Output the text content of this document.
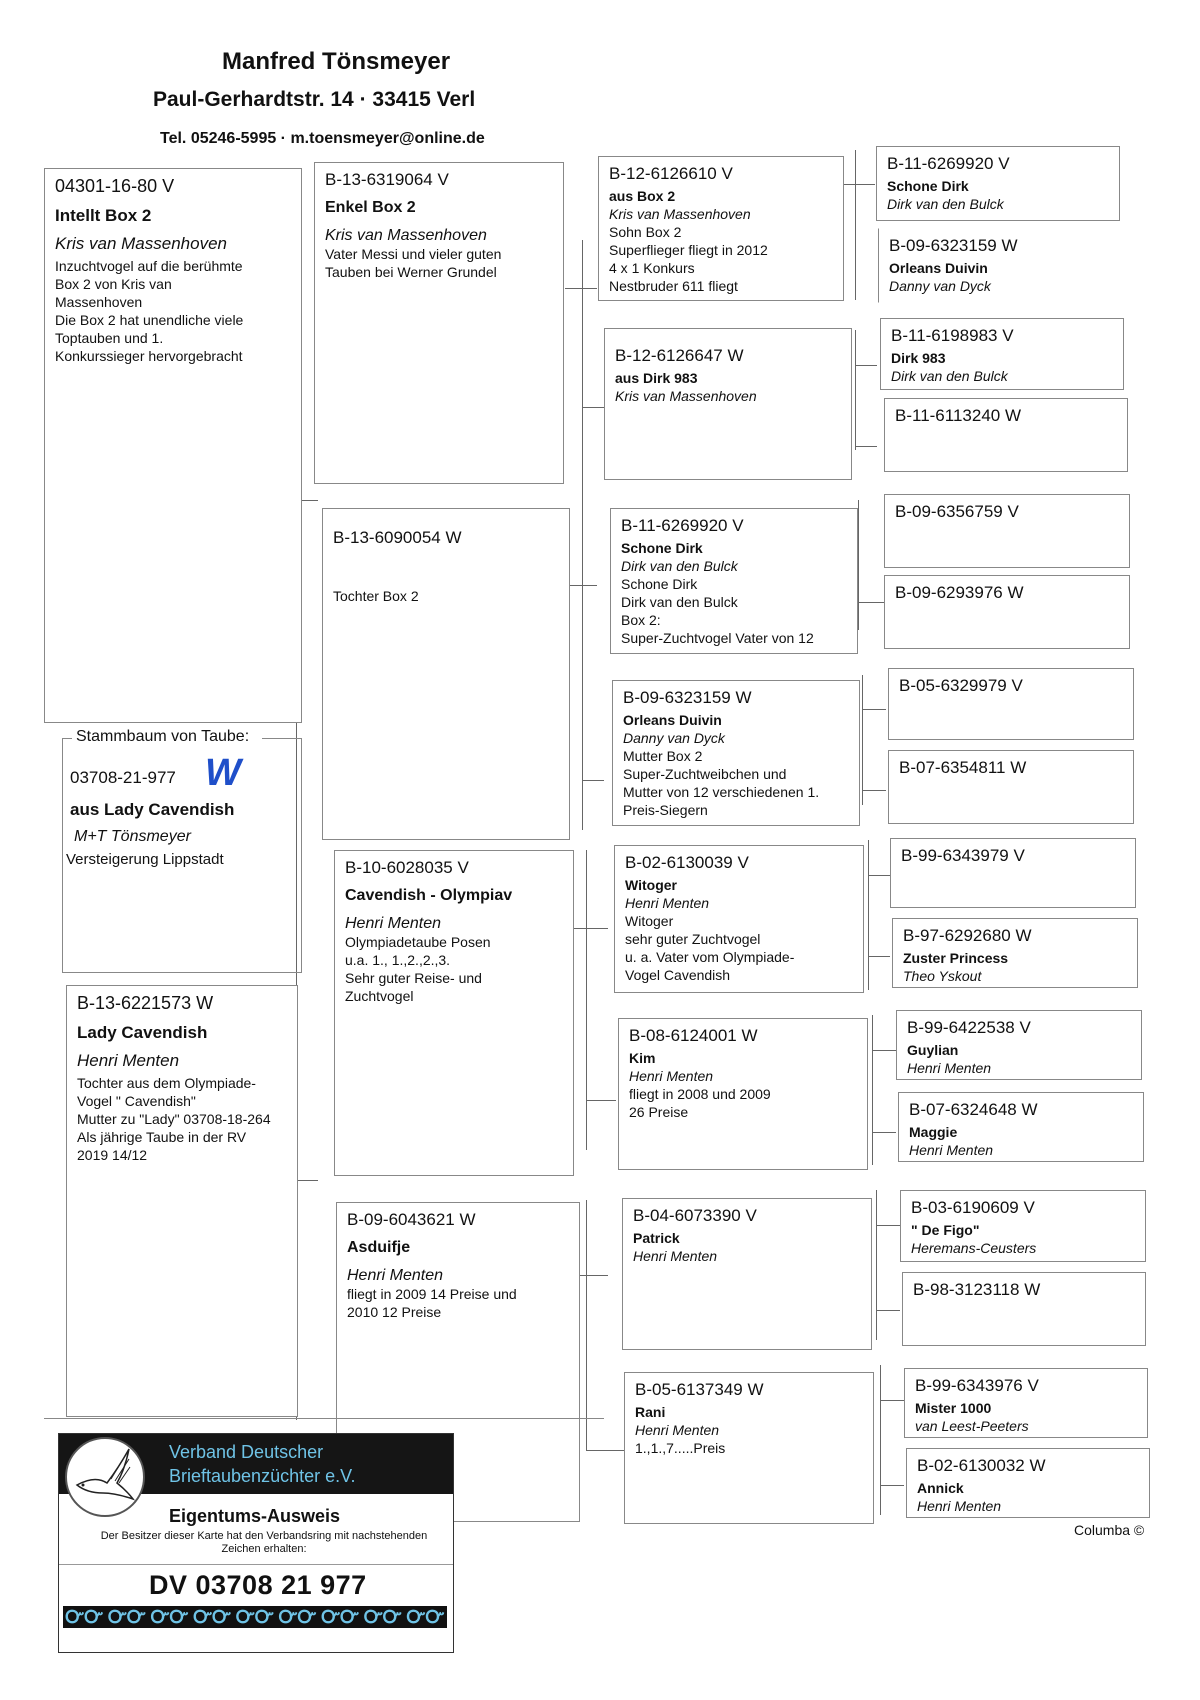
Manfred Tönsmeyer
Paul-Gerhardtstr. 14 · 33415 Verl
Tel. 05246-5995 · m.toensmeyer@online.de
04301-16-80 V
Intellt Box 2
Kris van Massenhoven
Inzuchtvogel auf die berühmte
Box 2 von Kris van
Massenhoven
Die Box 2 hat unendliche viele
Toptauben und 1.
Konkurssieger hervorgebracht
Stammbaum von Taube:
03708-21-977 W
aus Lady Cavendish
M+T Tönsmeyer
Versteigerung Lippstadt
B-13-6221573 W
Lady Cavendish
Henri Menten
Tochter aus dem Olympiade-
Vogel " Cavendish"
Mutter zu "Lady" 03708-18-264
Als jährige Taube in der RV
2019 14/12
B-13-6319064 V
Enkel Box 2
Kris van Massenhoven
Vater Messi und vieler guten
Tauben bei Werner Grundel
B-13-6090054 W
Tochter Box 2
B-10-6028035 V
Cavendish - Olympiav
Henri Menten
Olympiadetaube Posen
u.a. 1., 1.,2.,2.,3.
Sehr guter Reise- und
Zuchtvogel
B-09-6043621 W
Asduifje
Henri Menten
fliegt in 2009 14 Preise und
2010 12 Preise
B-12-6126610 V
aus Box 2
Kris van Massenhoven
Sohn Box 2
Superflieger fliegt in 2012
4 x 1 Konkurs
Nestbruder 611 fliegt
B-12-6126647 W
aus Dirk 983
Kris van Massenhoven
B-11-6269920 V
Schone Dirk
Dirk van den Bulck
Schone Dirk
Dirk van den Bulck
Box 2:
Super-Zuchtvogel Vater von 12
B-09-6323159 W
Orleans Duivin
Danny van Dyck
Mutter Box 2
Super-Zuchtweibchen und
Mutter von 12 verschiedenen 1.
Preis-Siegern
B-02-6130039 V
Witoger
Henri Menten
Witoger
sehr guter Zuchtvogel
u. a. Vater vom Olympiade-
Vogel Cavendish
B-08-6124001 W
Kim
Henri Menten
fliegt in 2008 und 2009
26 Preise
B-04-6073390 V
Patrick
Henri Menten
B-05-6137349 W
Rani
Henri Menten
1.,1.,7.....Preis
B-11-6269920 V
Schone Dirk
Dirk van den Bulck
B-09-6323159 W
Orleans Duivin
Danny van Dyck
B-11-6198983 V
Dirk 983
Dirk van den Bulck
B-11-6113240 W
B-09-6356759 V
B-09-6293976 W
B-05-6329979 V
B-07-6354811 W
B-99-6343979 V
B-97-6292680 W
Zuster Princess
Theo Yskout
B-99-6422538 V
Guylian
Henri Menten
B-07-6324648 W
Maggie
Henri Menten
B-03-6190609 V
" De Figo"
Heremans-Ceusters
B-98-3123118 W
B-99-6343976 V
Mister 1000
van Leest-Peeters
B-02-6130032 W
Annick
Henri Menten
Verband Deutscher
Brieftaubenzüchter e.V.
Eigentums-Ausweis
Der Besitzer dieser Karte hat den Verbandsring mit nachstehenden Zeichen erhalten:
DV 03708 21 977
ᏅᏅ ᏅᏅ ᏅᏅ ᏅᏅ ᏅᏅ ᏅᏅ ᏅᏅ ᏅᏅ ᏅᏅ
Columba ©
